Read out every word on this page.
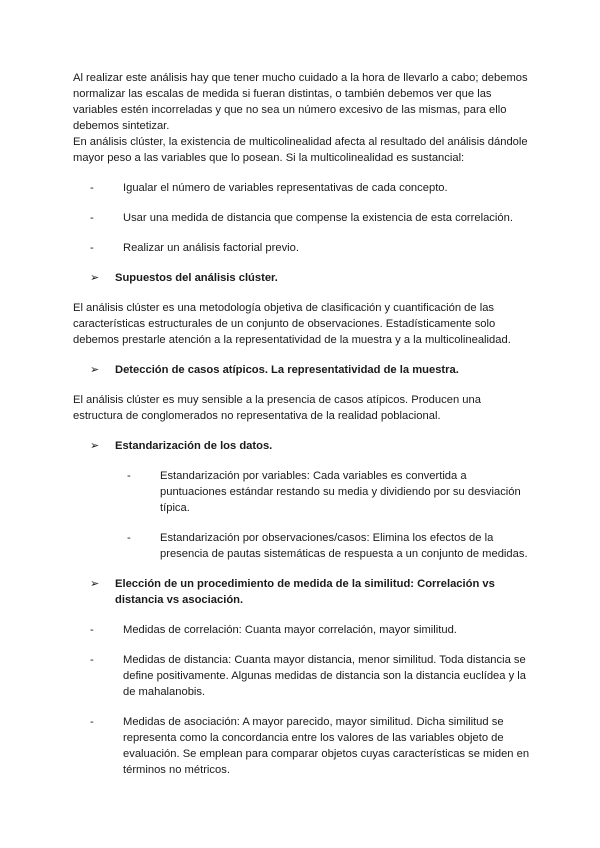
Al realizar este análisis hay que tener mucho cuidado a la hora de llevarlo a cabo; debemos normalizar las escalas de medida si fueran distintas, o también debemos ver que las variables estén incorreladas y que no sea un número excesivo de las mismas, para ello debemos sintetizar.

En análisis clúster, la existencia de multicolinealidad afecta al resultado del análisis dándole mayor peso a las variables que lo posean. Si la multicolinealidad es sustancial:

-	Igualar el número de variables representativas de cada concepto.
-	Usar una medida de distancia que compense la existencia de esta correlación.
-	Realizar un análisis factorial previo.
➢	Supuestos del análisis clúster.

El análisis clúster es una metodología objetiva de clasificación y cuantificación de las características estructurales de un conjunto de observaciones. Estadísticamente solo debemos prestarle atención a la representatividad de la muestra y a la multicolinealidad.

➢	Detección de casos atípicos. La representatividad de la muestra.

El análisis clúster es muy sensible a la presencia de casos atípicos. Producen una estructura de conglomerados no representativa de la realidad poblacional.

➢	Estandarización de los datos.
-	Estandarización por variables: Cada variables es convertida a puntuaciones estándar restando su media y dividiendo por su desviación típica.
-	Estandarización por observaciones/casos: Elimina los efectos de la presencia de pautas sistemáticas de respuesta a un conjunto de medidas.
➢	Elección de un procedimiento de medida de la similitud: Correlación vs distancia vs asociación.
-	Medidas de correlación: Cuanta mayor correlación, mayor similitud.
-	Medidas de distancia: Cuanta mayor distancia, menor similitud. Toda distancia se define positivamente. Algunas medidas de distancia son la distancia euclídea y la de mahalanobis.
-	Medidas de asociación: A mayor parecido, mayor similitud. Dicha similitud se representa como la concordancia entre los valores de las variables objeto de evaluación. Se emplean para comparar objetos cuyas características se miden en términos no métricos.
